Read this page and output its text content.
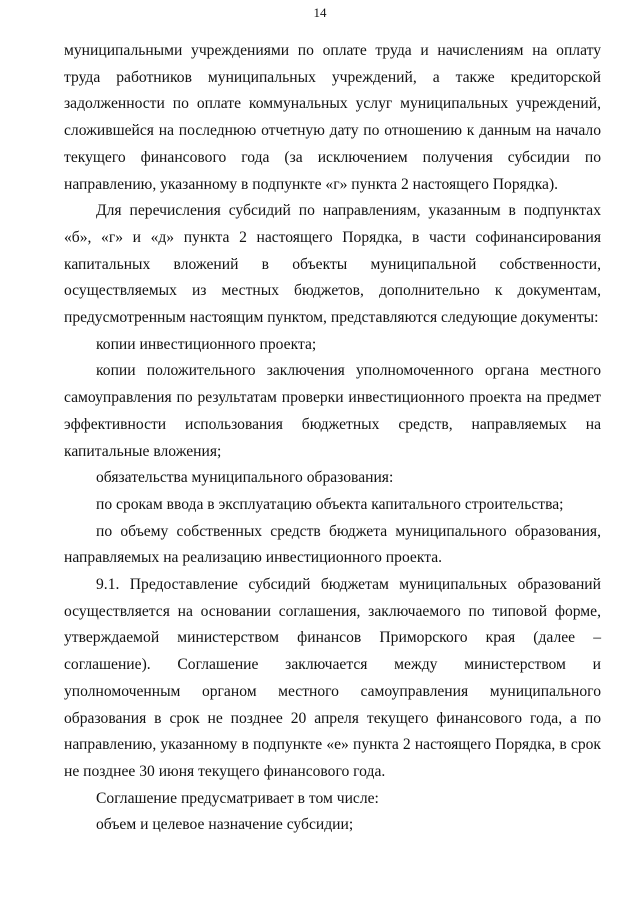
14

муниципальными учреждениями по оплате труда и начислениям на оплату труда работников муниципальных учреждений, а также кредиторской задолженности по оплате коммунальных услуг муниципальных учреждений, сложившейся на последнюю отчетную дату по отношению к данным на начало текущего финансового года (за исключением получения субсидии по направлению, указанному в подпункте «г» пункта 2 настоящего Порядка).

Для перечисления субсидий по направлениям, указанным в подпунктах «б», «г» и «д» пункта 2 настоящего Порядка, в части софинансирования капитальных вложений в объекты муниципальной собственности, осуществляемых из местных бюджетов, дополнительно к документам, предусмотренным настоящим пунктом, представляются следующие документы:

копии инвестиционного проекта;

копии положительного заключения уполномоченного органа местного самоуправления по результатам проверки инвестиционного проекта на предмет эффективности использования бюджетных средств, направляемых на капитальные вложения;

обязательства муниципального образования:

по срокам ввода в эксплуатацию объекта капитального строительства;

по объему собственных средств бюджета муниципального образования, направляемых на реализацию инвестиционного проекта.

9.1. Предоставление субсидий бюджетам муниципальных образований осуществляется на основании соглашения, заключаемого по типовой форме, утверждаемой министерством финансов Приморского края (далее – соглашение). Соглашение заключается между министерством и уполномоченным органом местного самоуправления муниципального образования в срок не позднее 20 апреля текущего финансового года, а по направлению, указанному в подпункте «е» пункта 2 настоящего Порядка, в срок не позднее 30 июня текущего финансового года.

Соглашение предусматривает в том числе:

объем и целевое назначение субсидии;
